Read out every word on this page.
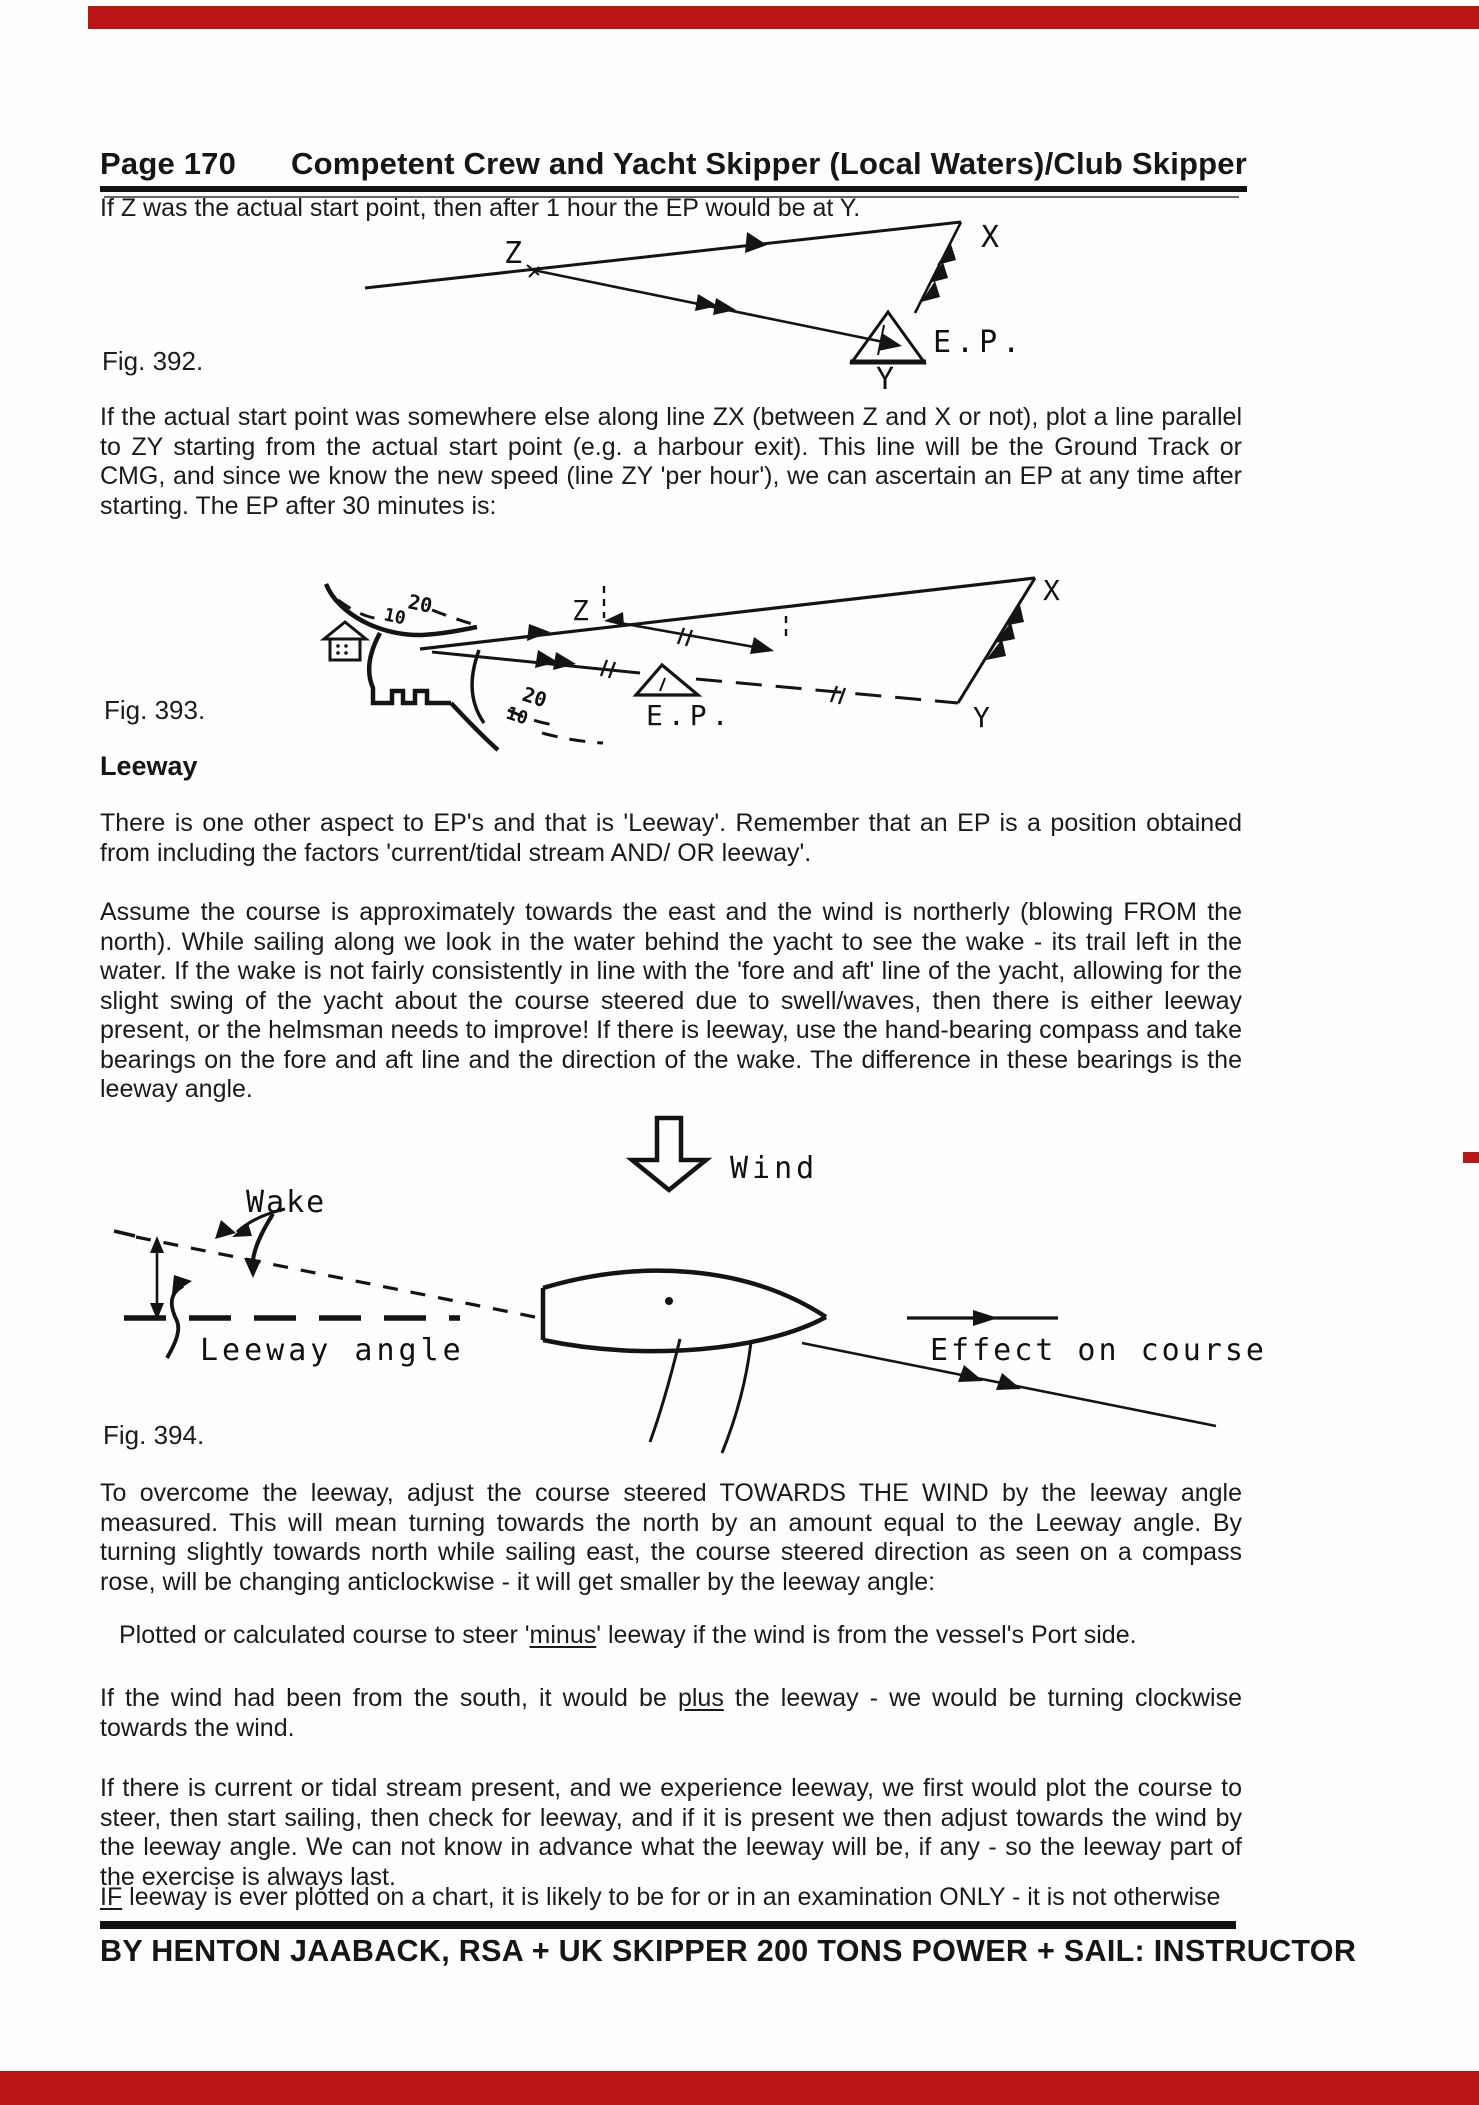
Page 170 Competent Crew and Yacht Skipper (Local Waters)/Club Skipper
If Z was the actual start point, then after 1 hour the EP would be at Y.
Z	X
E.P.
Y
Fig. 392.
If the actual start point was somewhere else along line ZX (between Z and X or not), plot a line parallel to ZY starting from the actual start point (e.g. a harbour exit). This line will be the Ground Track or CMG, and since we know the new speed (line ZY 'per hour'), we can ascertain an EP at any time after starting. The EP after 30 minutes is:
20
10
20
10
Z
E.P.
X
Y
Fig. 393.
Leeway
There is one other aspect to EP's and that is 'Leeway'. Remember that an EP is a position obtained from including the factors 'current/tidal stream AND/ OR leeway'.
Assume the course is approximately towards the east and the wind is northerly (blowing FROM the north). While sailing along we look in the water behind the yacht to see the wake - its trail left in the water. If the wake is not fairly consistently in line with the 'fore and aft' line of the yacht, allowing for the slight swing of the yacht about the course steered due to swell/waves, then there is either leeway present, or the helmsman needs to improve! If there is leeway, use the hand-bearing compass and take bearings on the fore and aft line and the direction of the wake. The difference in these bearings is the leeway angle.
Wind
Wake
Leeway angle	Effect on course
Fig. 394.
To overcome the leeway, adjust the course steered TOWARDS THE WIND by the leeway angle measured. This will mean turning towards the north by an amount equal to the Leeway angle. By turning slightly towards north while sailing east, the course steered direction as seen on a compass rose, will be changing anticlockwise - it will get smaller by the leeway angle:
Plotted or calculated course to steer 'minus' leeway if the wind is from the vessel's Port side.
If the wind had been from the south, it would be plus the leeway - we would be turning clockwise towards the wind.
If there is current or tidal stream present, and we experience leeway, we first would plot the course to steer, then start sailing, then check for leeway, and if it is present we then adjust towards the wind by the leeway angle. We can not know in advance what the leeway will be, if any - so the leeway part of the exercise is always last.
IF leeway is ever plotted on a chart, it is likely to be for or in an examination ONLY - it is not otherwise
BY HENTON JAABACK, RSA + UK SKIPPER 200 TONS POWER + SAIL: INSTRUCTOR
